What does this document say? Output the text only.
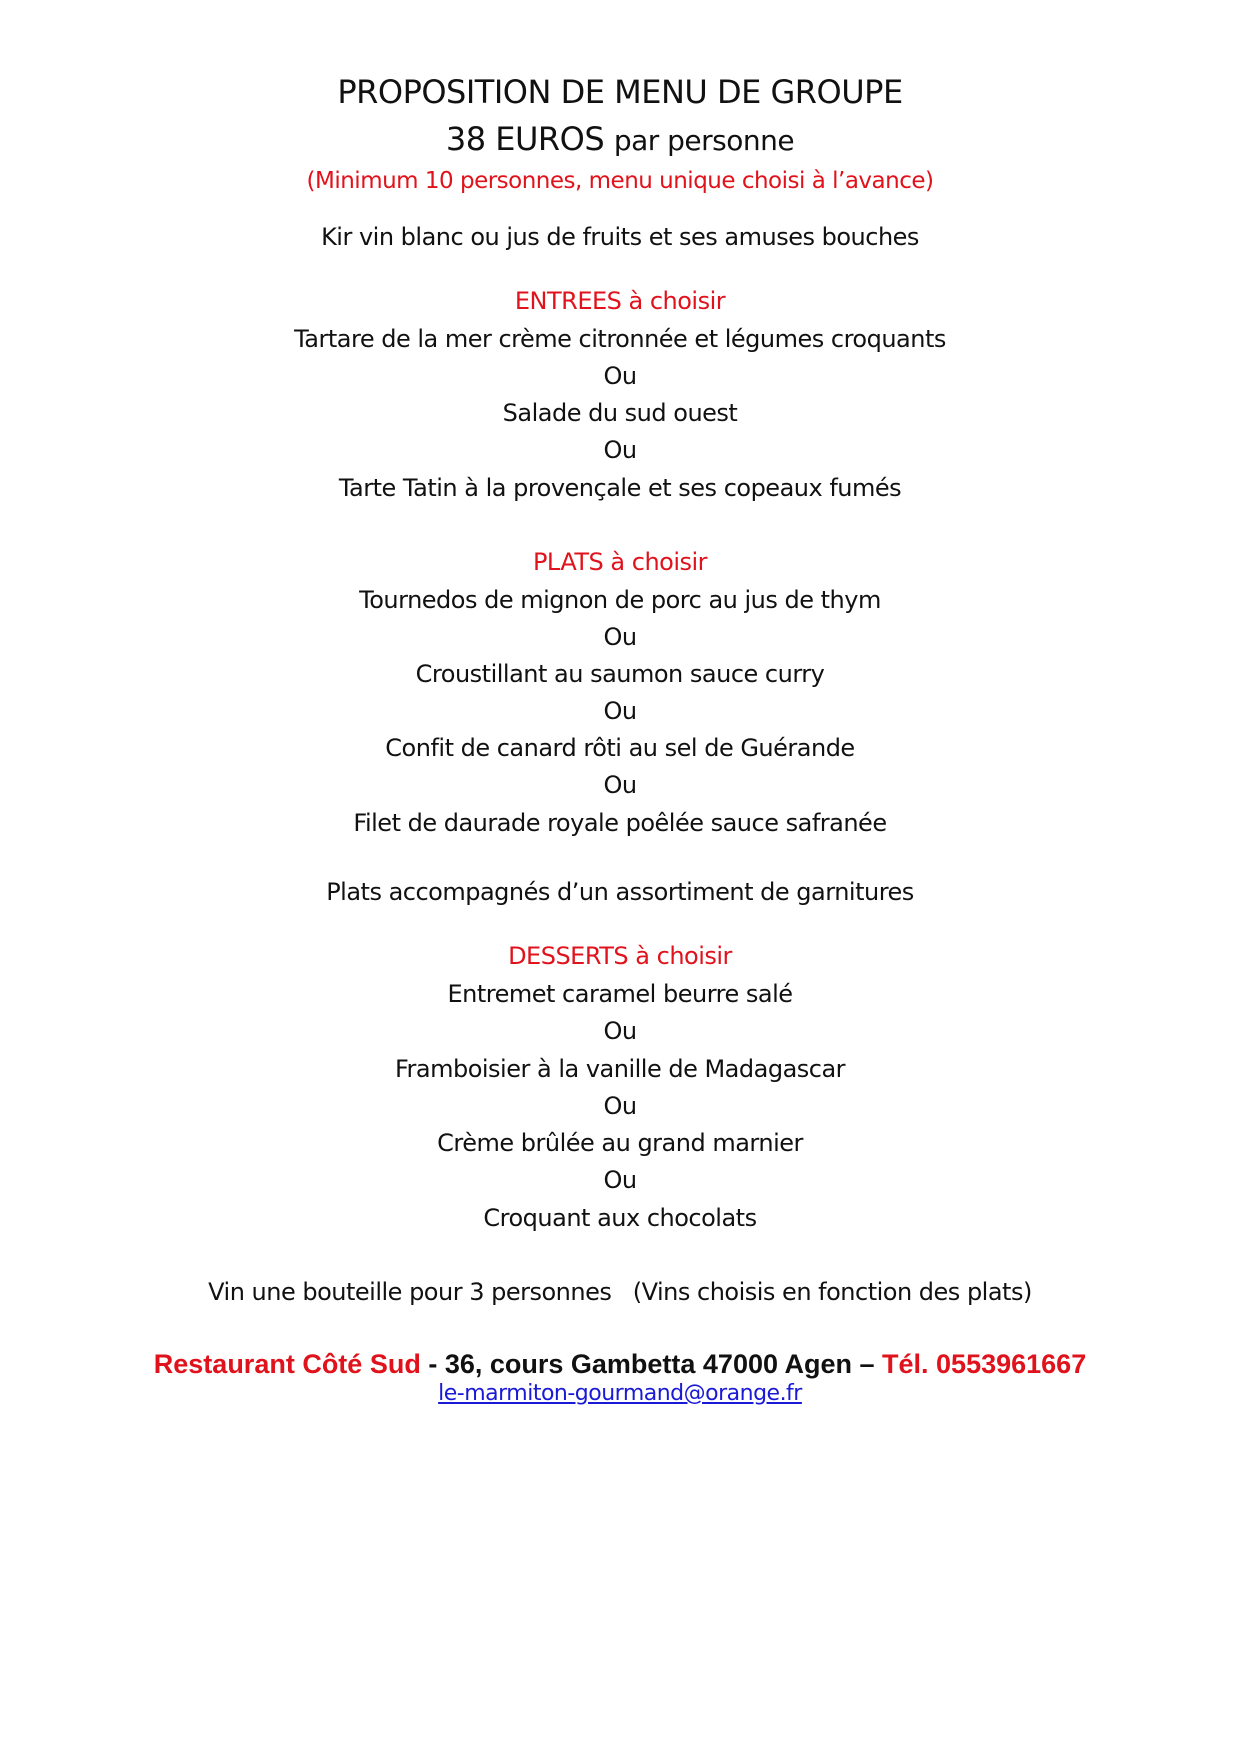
PROPOSITION DE MENU DE GROUPE
38 EUROS par personne
(Minimum 10 personnes, menu unique choisi à l’avance)
Kir vin blanc ou jus de fruits et ses amuses bouches
ENTREES à choisir
Tartare de la mer crème citronnée et légumes croquants
Ou
Salade du sud ouest
Ou
Tarte Tatin à la provençale et ses copeaux fumés
PLATS à choisir
Tournedos de mignon de porc au jus de thym
Ou
Croustillant au saumon sauce curry
Ou
Confit de canard rôti au sel de Guérande
Ou
Filet de daurade royale poêlée sauce safranée
Plats accompagnés d’un assortiment de garnitures
DESSERTS à choisir
Entremet caramel beurre salé
Ou
Framboisier à la vanille de Madagascar
Ou
Crème brûlée au grand marnier
Ou
Croquant aux chocolats
Vin une bouteille pour 3 personnes   (Vins choisis en fonction des plats)
Restaurant Côté Sud - 36, cours Gambetta 47000 Agen – Tél. 0553961667
le-marmiton-gourmand@orange.fr
